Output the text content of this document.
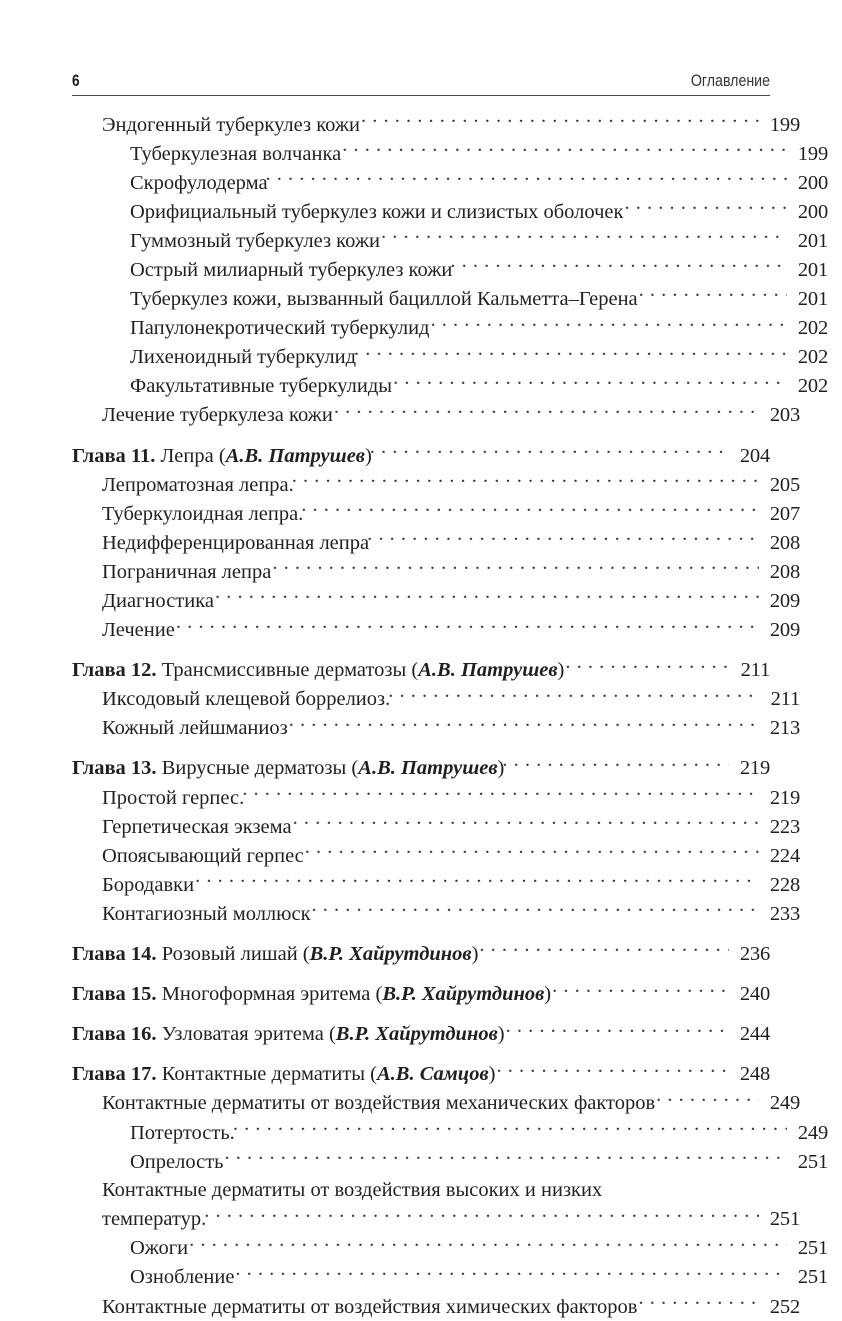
6	Оглавление
Эндогенный туберкулез кожи . . .	199
Туберкулезная волчанка . . .	199
Скрофулодерма . . .	200
Орифициальный туберкулез кожи и слизистых оболочек . . .	200
Гуммозный туберкулез кожи . . .	201
Острый милиарный туберкулез кожи . . .	201
Туберкулез кожи, вызванный бациллой Кальметта–Герена . . .	201
Папулонекротический туберкулид . . .	202
Лихеноидный туберкулид . . .	202
Факультативные туберкулиды . . .	202
Лечение туберкулеза кожи . . .	203
Глава 11. Лепра (А.В. Патрушев) . . .	204
Лепроматозная лепра. . . .	205
Туберкулоидная лепра. . . .	207
Недифференцированная лепра . . .	208
Пограничная лепра . . .	208
Диагностика . . .	209
Лечение . . .	209
Глава 12. Трансмиссивные дерматозы (А.В. Патрушев) . . .	211
Иксодовый клещевой боррелиоз. . . .	211
Кожный лейшманиоз . . .	213
Глава 13. Вирусные дерматозы (А.В. Патрушев) . . .	219
Простой герпес. . . .	219
Герпетическая экзема . . .	223
Опоясывающий герпес . . .	224
Бородавки . . .	228
Контагиозный моллюск . . .	233
Глава 14. Розовый лишай (В.Р. Хайрутдинов) . . .	236
Глава 15. Многоформная эритема (В.Р. Хайрутдинов) . . .	240
Глава 16. Узловатая эритема (В.Р. Хайрутдинов) . . .	244
Глава 17. Контактные дерматиты (А.В. Самцов) . . .	248
Контактные дерматиты от воздействия механических факторов . . .	249
Потертость. . . .	249
Опрелость . . .	251
Контактные дерматиты от воздействия высоких и низких
температур. . . .	251
Ожоги . . .	251
Ознобление . . .	251
Контактные дерматиты от воздействия химических факторов . . .	252
